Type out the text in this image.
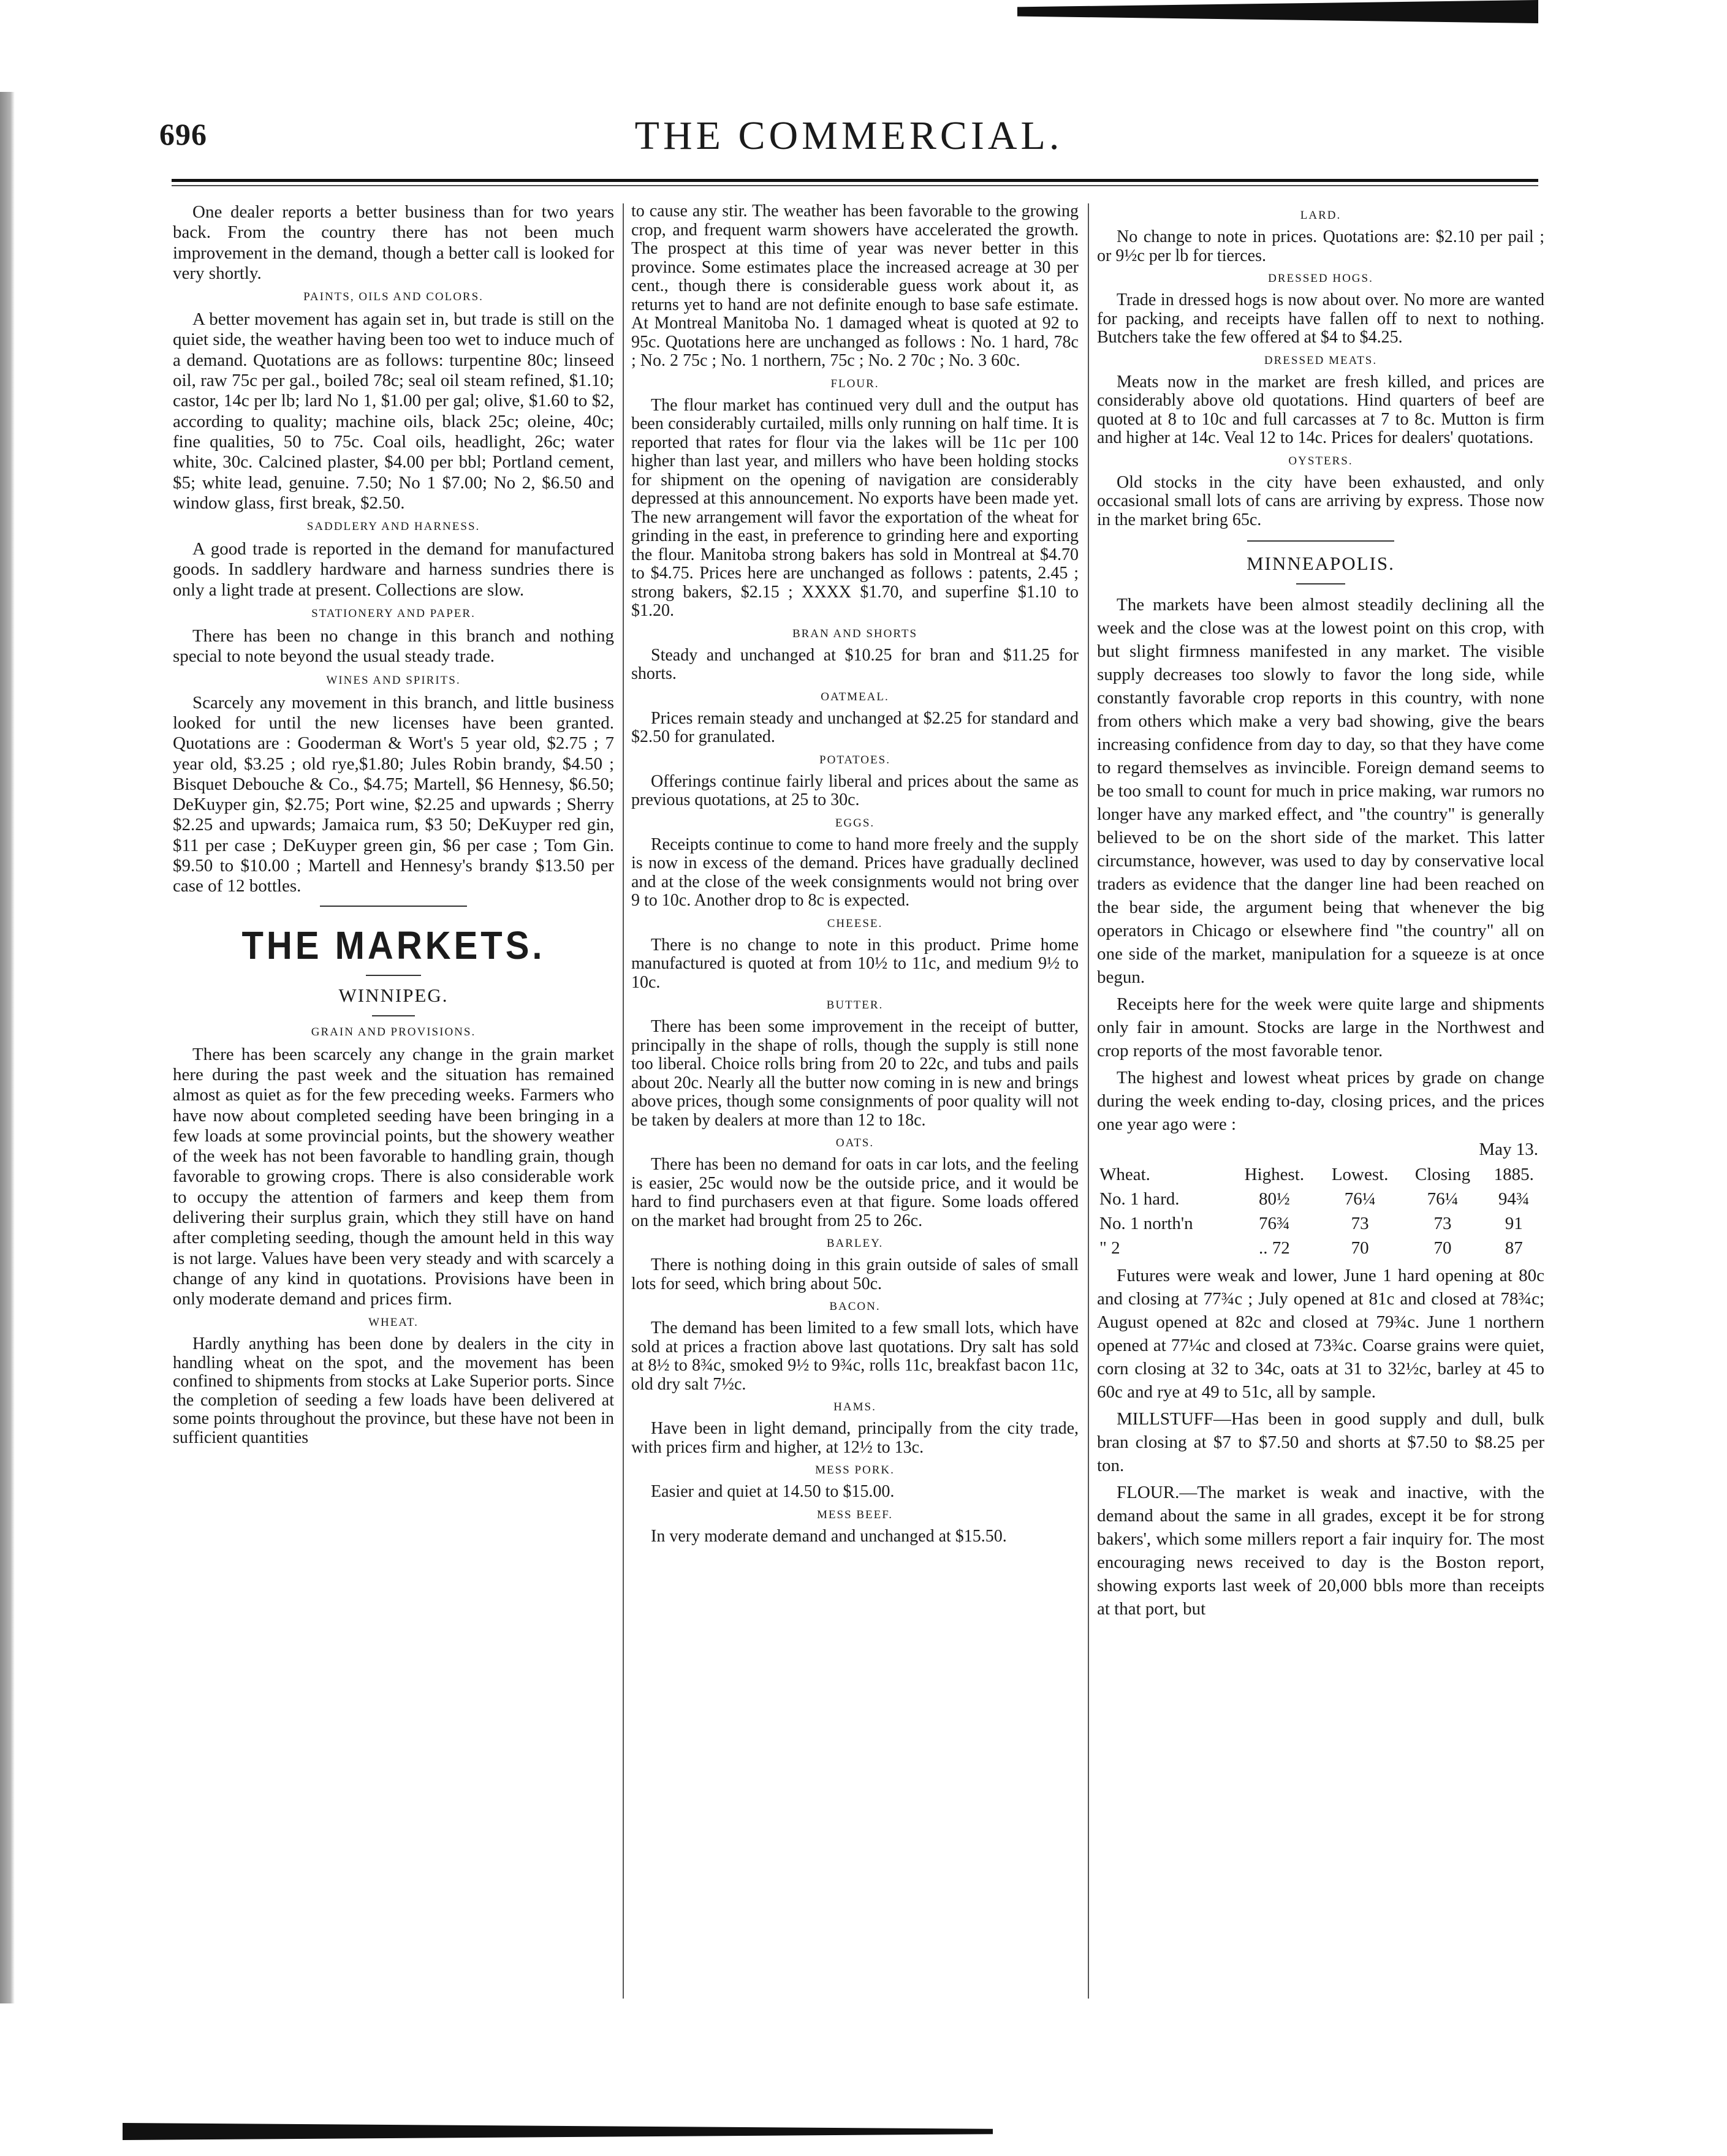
696	THE COMMERCIAL.

One dealer reports a better business than for two years back. From the country there has not been much improvement in the demand, though a better call is looked for very shortly.

PAINTS, OILS AND COLORS.

A better movement has again set in, but trade is still on the quiet side, the weather having been too wet to induce much of a demand. Quotations are as follows: turpentine 80c; linseed oil, raw 75c per gal., boiled 78c; seal oil steam refined, $1.10; castor, 14c per lb; lard No 1, $1.00 per gal; olive, $1.60 to $2, according to quality; machine oils, black 25c; oleine, 40c; fine qualities, 50 to 75c. Coal oils, headlight, 26c; water white, 30c. Calcined plaster, $4.00 per bbl; Portland cement, $5; white lead, genuine. 7.50; No 1 $7.00; No 2, $6.50 and window glass, first break, $2.50.

SADDLERY AND HARNESS.

A good trade is reported in the demand for manufactured goods. In saddlery hardware and harness sundries there is only a light trade at present. Collections are slow.

STATIONERY AND PAPER.

There has been no change in this branch and nothing special to note beyond the usual steady trade.

WINES AND SPIRITS.

Scarcely any movement in this branch, and little business looked for until the new licenses have been granted. Quotations are : Gooderman & Wort's 5 year old, $2.75 ; 7 year old, $3.25 ; old rye,$1.80; Jules Robin brandy, $4.50 ; Bisquet Debouche & Co., $4.75; Martell, $6 Hennesy, $6.50; DeKuyper gin, $2.75; Port wine, $2.25 and upwards ; Sherry $2.25 and upwards; Jamaica rum, $3 50; DeKuyper red gin, $11 per case ; DeKuyper green gin, $6 per case ; Tom Gin. $9.50 to $10.00 ; Martell and Hennesy's brandy $13.50 per case of 12 bottles.

THE MARKETS.
WINNIPEG.
GRAIN AND PROVISIONS.

There has been scarcely any change in the grain market here during the past week and the situation has remained almost as quiet as for the few preceding weeks. Farmers who have now about completed seeding have been bringing in a few loads at some provincial points, but the showery weather of the week has not been favorable to handling grain, though favorable to growing crops. There is also considerable work to occupy the attention of farmers and keep them from delivering their surplus grain, which they still have on hand after completing seeding, though the amount held in this way is not large. Values have been very steady and with scarcely a change of any kind in quotations. Provisions have been in only moderate demand and prices firm.

WHEAT.

Hardly anything has been done by dealers in the city in handling wheat on the spot, and the movement has been confined to shipments from stocks at Lake Superior ports. Since the completion of seeding a few loads have been delivered at some points throughout the province, but these have not been in sufficient quantities

to cause any stir. The weather has been favorable to the growing crop, and frequent warm showers have accelerated the growth. The prospect at this time of year was never better in this province. Some estimates place the increased acreage at 30 per cent., though there is considerable guess work about it, as returns yet to hand are not definite enough to base safe estimate. At Montreal Manitoba No. 1 damaged wheat is quoted at 92 to 95c. Quotations here are unchanged as follows : No. 1 hard, 78c ; No. 2 75c ; No. 1 northern, 75c ; No. 2 70c ; No. 3 60c.

FLOUR.

The flour market has continued very dull and the output has been considerably curtailed, mills only running on half time. It is reported that rates for flour via the lakes will be 11c per 100 higher than last year, and millers who have been holding stocks for shipment on the opening of navigation are considerably depressed at this announcement. No exports have been made yet. The new arrangement will favor the exportation of the wheat for grinding in the east, in preference to grinding here and exporting the flour. Manitoba strong bakers has sold in Montreal at $4.70 to $4.75. Prices here are unchanged as follows : patents, 2.45 ; strong bakers, $2.15 ; XXXX $1.70, and superfine $1.10 to $1.20.

BRAN AND SHORTS

Steady and unchanged at $10.25 for bran and $11.25 for shorts.

OATMEAL.

Prices remain steady and unchanged at $2.25 for standard and $2.50 for granulated.

POTATOES.

Offerings continue fairly liberal and prices about the same as previous quotations, at 25 to 30c.

EGGS.

Receipts continue to come to hand more freely and the supply is now in excess of the demand. Prices have gradually declined and at the close of the week consignments would not bring over 9 to 10c. Another drop to 8c is expected.

CHEESE.

There is no change to note in this product. Prime home manufactured is quoted at from 10½ to 11c, and medium 9½ to 10c.

BUTTER.

There has been some improvement in the receipt of butter, principally in the shape of rolls, though the supply is still none too liberal. Choice rolls bring from 20 to 22c, and tubs and pails about 20c. Nearly all the butter now coming in is new and brings above prices, though some consignments of poor quality will not be taken by dealers at more than 12 to 18c.

OATS.

There has been no demand for oats in car lots, and the feeling is easier, 25c would now be the outside price, and it would be hard to find purchasers even at that figure. Some loads offered on the market had brought from 25 to 26c.

BARLEY.

There is nothing doing in this grain outside of sales of small lots for seed, which bring about 50c.

BACON.

The demand has been limited to a few small lots, which have sold at prices a fraction above last quotations. Dry salt has sold at 8½ to 8¾c, smoked 9½ to 9¾c, rolls 11c, breakfast bacon 11c, old dry salt 7½c.

HAMS.

Have been in light demand, principally from the city trade, with prices firm and higher, at 12½ to 13c.

MESS PORK.

Easier and quiet at 14.50 to $15.00.

MESS BEEF.

In very moderate demand and unchanged at $15.50.

LARD.

No change to note in prices. Quotations are: $2.10 per pail ; or 9½c per lb for tierces.

DRESSED HOGS.

Trade in dressed hogs is now about over. No more are wanted for packing, and receipts have fallen off to next to nothing. Butchers take the few offered at $4 to $4.25.

DRESSED MEATS.

Meats now in the market are fresh killed, and prices are considerably above old quotations. Hind quarters of beef are quoted at 8 to 10c and full carcasses at 7 to 8c. Mutton is firm and higher at 14c. Veal 12 to 14c. Prices for dealers' quotations.

OYSTERS.

Old stocks in the city have been exhausted, and only occasional small lots of cans are arriving by express. Those now in the market bring 65c.

MINNEAPOLIS.

The markets have been almost steadily declining all the week and the close was at the lowest point on this crop, with but slight firmness manifested in any market. The visible supply decreases too slowly to favor the long side, while constantly favorable crop reports in this country, with none from others which make a very bad showing, give the bears increasing confidence from day to day, so that they have come to regard themselves as invincible. Foreign demand seems to be too small to count for much in price making, war rumors no longer have any marked effect, and "the country" is generally believed to be on the short side of the market. This latter circumstance, however, was used to day by conservative local traders as evidence that the danger line had been reached on the bear side, the argument being that whenever the big operators in Chicago or elsewhere find "the country" all on one side of the market, manipulation for a squeeze is at once begun.

Receipts here for the week were quite large and shipments only fair in amount. Stocks are large in the Northwest and crop reports of the most favorable tenor.

The highest and lowest wheat prices by grade on change during the week ending to-day, closing prices, and the prices one year ago were :

May 13.
Wheat.	Highest.	Lowest.	Closing	1885.
No. 1 hard.	80½	76¼	76¼	94¾
No. 1 north'n	76¾	73	73	91
" 2	.. 72	70	70	87

Futures were weak and lower, June 1 hard opening at 80c and closing at 77¾c ; July opened at 81c and closed at 78¾c; August opened at 82c and closed at 79¾c. June 1 northern opened at 77¼c and closed at 73¾c. Coarse grains were quiet, corn closing at 32 to 34c, oats at 31 to 32½c, barley at 45 to 60c and rye at 49 to 51c, all by sample.

MILLSTUFF—Has been in good supply and dull, bulk bran closing at $7 to $7.50 and shorts at $7.50 to $8.25 per ton.

FLOUR.—The market is weak and inactive, with the demand about the same in all grades, except it be for strong bakers', which some millers report a fair inquiry for. The most encouraging news received to day is the Boston report, showing exports last week of 20,000 bbls more than receipts at that port, but
